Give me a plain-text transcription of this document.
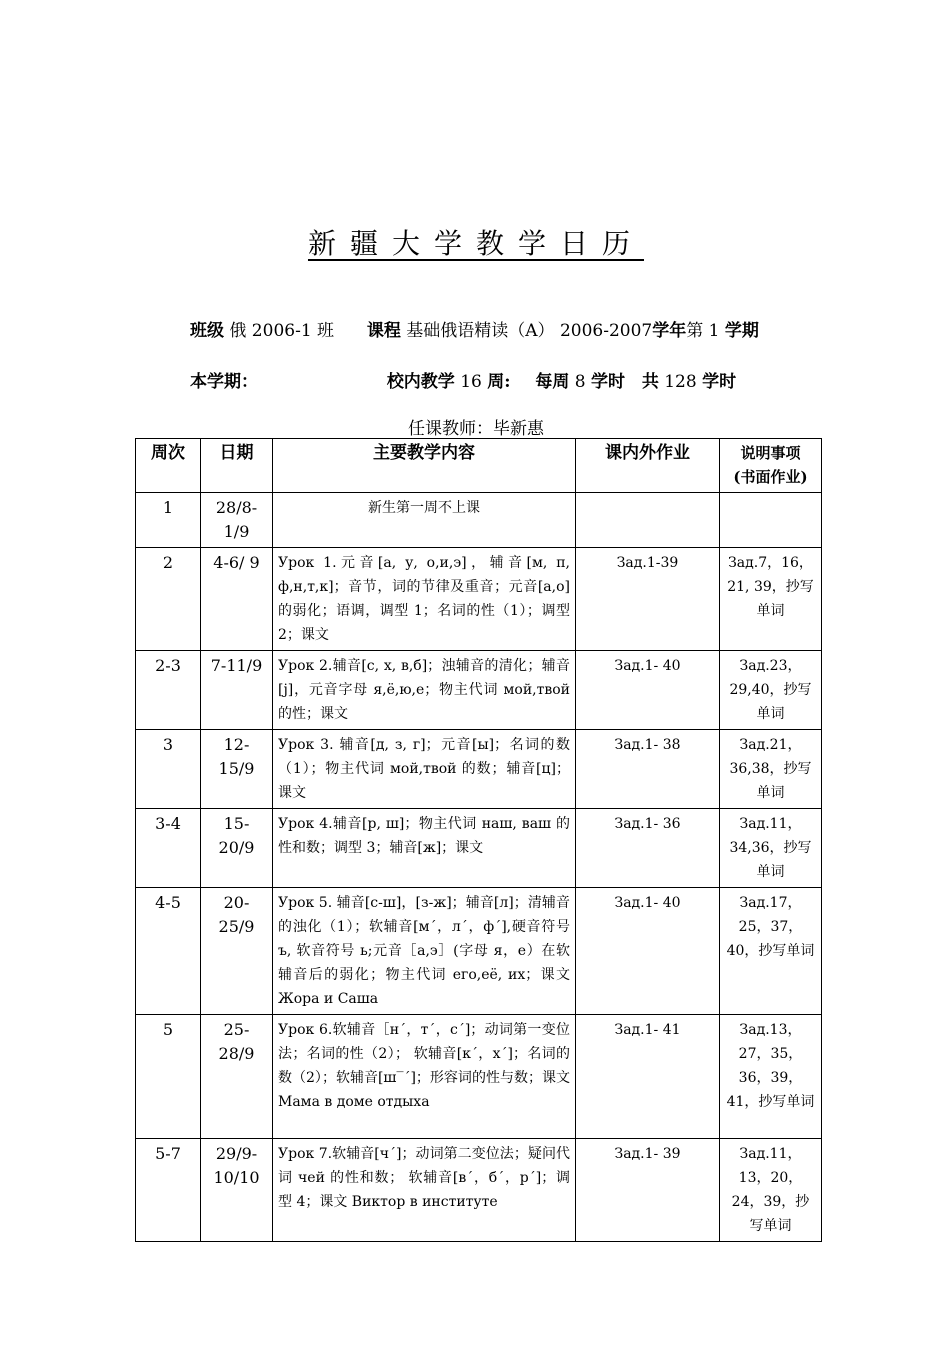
新疆大学教学日历
班级 俄 2006-1 班 课程 基础俄语精读（A） 2006-2007学年第 1 学期
本学期：	校内教学 16 周: 每周 8 学时 共 128 学时
任课教师：毕新惠
周次	日期	主要教学内容	课内外作业	说明事项
(书面作业)

1	28/8-1/9	新生第一周不上课		
2	4-6/ 9	Урок 1.元音[а, у, о,и,э]，辅音[м, п, ф,н,т,к]；音节，词的节律及重音；元音[а,о]的弱化；语调，调型 1；名词的性（1）；调型 2；课文	Зад.1-39	Зад.7，16，21, 39，抄写单词
2-3	7-11/9	Урок 2.辅音[с, х, в,б]；浊辅音的清化；辅音[j]，元音字母 я,ё,ю,е；物主代词 мой,твой 的性；课文	Зад.1- 40	Зад.23，29,40，抄写单词
3	12-15/9	Урок 3. 辅音[д, з, г]；元音[ы]；名词的数（1）；物主代词 мой,твой 的数；辅音[ц]；课文	Зад.1- 38	Зад.21，36,38，抄写单词
3-4	15-20/9	Урок 4.辅音[р, ш]；物主代词 наш, ваш 的性和数；调型 3；辅音[ж]；课文	Зад.1- 36	Зад.11，34,36，抄写单词
4-5	20-25/9	Урок 5. 辅音[с-ш]，[з-ж]；辅音[л]；清辅音的浊化（1）；软辅音[м´，л´，ф´],硬音符号 ъ, 软音符号 ь;元音［а,э］(字母 я，е）在软辅音后的弱化；物主代词 его,её, их；课文 Жора и Саша	Зад.1- 40	Зад.17，25，37，40，抄写单词
5	25-28/9	Урок 6.软辅音［н´，т´，с´]；动词第一变位法；名词的性（2）； 软辅音[к´，х´]；名词的数（2）；软辅音[ш‾´]；形容词的性与数；课文 Мама в доме отдыха	Зад.1- 41	Зад.13，27，35，36，39，41，抄写单词
5-7	29/9-10/10	Урок 7.软辅音[ч´]；动词第二变位法；疑问代词 чей 的性和数； 软辅音[в´，б´，р´]；调型 4；课文 Виктор в институте	Зад.1- 39	Зад.11，13，20，24，39，抄写单词
